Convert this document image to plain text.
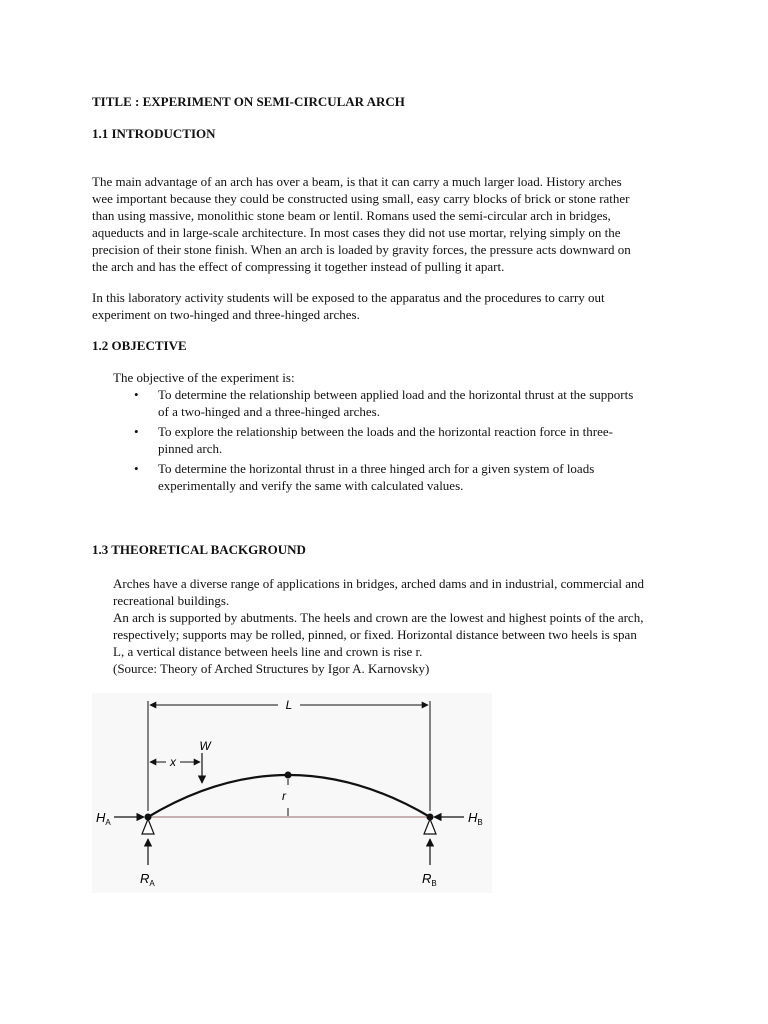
TITLE : EXPERIMENT ON SEMI-CIRCULAR ARCH
1.1 INTRODUCTION
The main advantage of an arch has over a beam, is that it can carry a much larger load. History arches
wee important because they could be constructed using small, easy carry blocks of brick or stone rather
than using massive, monolithic stone beam or lentil. Romans used the semi-circular arch in bridges,
aqueducts and in large-scale architecture. In most cases they did not use mortar, relying simply on the
precision of their stone finish. When an arch is loaded by gravity forces, the pressure acts downward on
the arch and has the effect of compressing it together instead of pulling it apart.
In this laboratory activity students will be exposed to the apparatus and the procedures to carry out
experiment on two-hinged and three-hinged arches.
1.2 OBJECTIVE
The objective of the experiment is:
• To determine the relationship between applied load and the horizontal thrust at the supports
of a two-hinged and a three-hinged arches.
• To explore the relationship between the loads and the horizontal reaction force in three-
pinned arch.
• To determine the horizontal thrust in a three hinged arch for a given system of loads
experimentally and verify the same with calculated values.
1.3 THEORETICAL BACKGROUND
Arches have a diverse range of applications in bridges, arched dams and in industrial, commercial and
recreational buildings.
An arch is supported by abutments. The heels and crown are the lowest and highest points of the arch,
respectively; supports may be rolled, pinned, or fixed. Horizontal distance between two heels is span
L, a vertical distance between heels line and crown is rise r.
(Source: Theory of Arched Structures by Igor A. Karnovsky)
L
x
W
r
$H_A$	$H_B$
$R_A$	$R_B$
